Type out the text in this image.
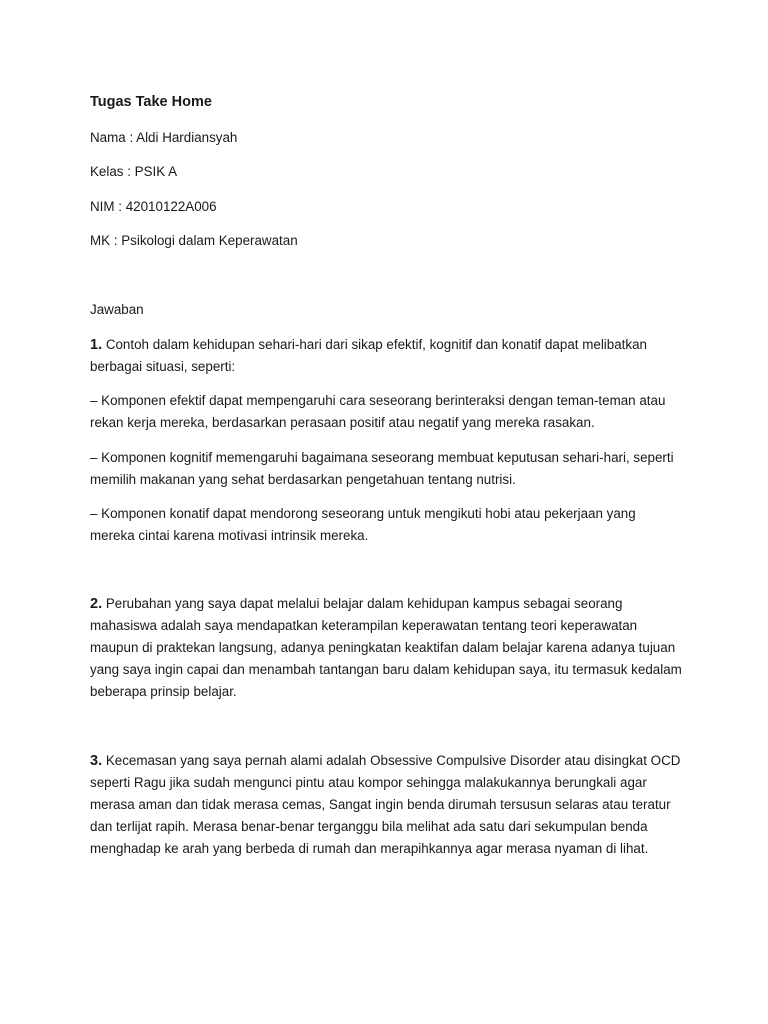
Tugas Take Home

Nama : Aldi Hardiansyah

Kelas : PSIK A

NIM : 42010122A006

MK : Psikologi dalam Keperawatan

Jawaban

1. Contoh dalam kehidupan sehari-hari dari sikap efektif, kognitif dan konatif dapat melibatkan berbagai situasi, seperti:

– Komponen efektif dapat mempengaruhi cara seseorang berinteraksi dengan teman-teman atau rekan kerja mereka, berdasarkan perasaan positif atau negatif yang mereka rasakan.

– Komponen kognitif memengaruhi bagaimana seseorang membuat keputusan sehari-hari, seperti memilih makanan yang sehat berdasarkan pengetahuan tentang nutrisi.

– Komponen konatif dapat mendorong seseorang untuk mengikuti hobi atau pekerjaan yang mereka cintai karena motivasi intrinsik mereka.

2. Perubahan yang saya dapat melalui belajar dalam kehidupan kampus sebagai seorang mahasiswa adalah saya mendapatkan keterampilan keperawatan tentang teori keperawatan maupun di praktekan langsung, adanya peningkatan keaktifan dalam belajar karena adanya tujuan yang saya ingin capai dan menambah tantangan baru dalam kehidupan saya, itu termasuk kedalam beberapa prinsip belajar.

3. Kecemasan yang saya pernah alami adalah Obsessive Compulsive Disorder atau disingkat OCD seperti Ragu jika sudah mengunci pintu atau kompor sehingga malakukannya berungkali agar merasa aman dan tidak merasa cemas, Sangat ingin benda dirumah tersusun selaras atau teratur dan terlijat rapih. Merasa benar-benar terganggu bila melihat ada satu dari sekumpulan benda menghadap ke arah yang berbeda di rumah dan merapihkannya agar merasa nyaman di lihat.
